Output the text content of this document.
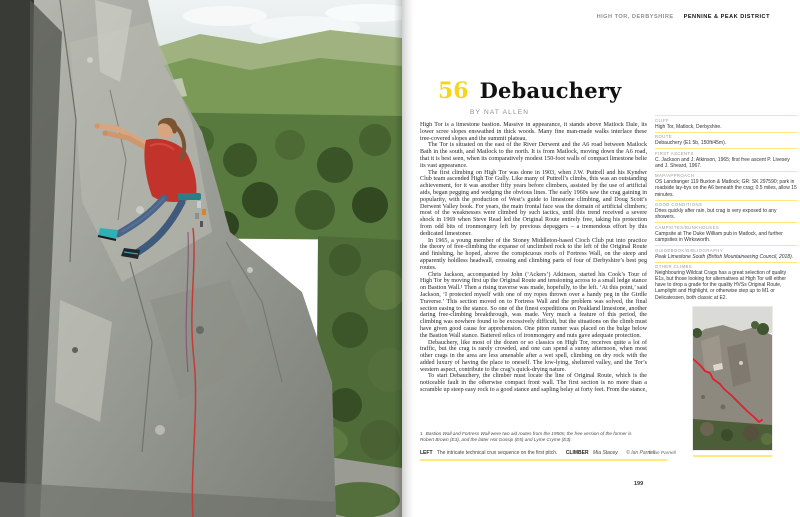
HIGH TOR, DERBYSHIRE PENNINE & PEAK DISTRICT
56 Debauchery
BY NAT ALLEN

High Tor is a limestone bastion. Massive in appearance, it stands above Matlock Dale, its lower scree slopes enswathed in thick woods. Many fine man-made walks interlace these tree-covered slopes and the summit plateau.

The Tor is situated on the east of the River Derwent and the A6 road between Matlock Bath in the south, and Matlock to the north. It is from Matlock, moving down the A6 road, that it is best seen, when its comparatively modest 150-foot walls of compact limestone belie its vast appearance.

The first climbing on High Tor was done in 1903, when J.W. Puttrell and his Kyndwr Club team ascended High Tor Gully. Like many of Puttrell’s climbs, this was an outstanding achievement, for it was another fifty years before climbers, assisted by the use of artificial aids, began pegging and wedging the obvious lines. The early 1960s saw the crag gaining in popularity, with the production of West’s guide to limestone climbing, and Doug Scott’s Derwent Valley book. For years, the main frontal face was the domain of artificial climbers; most of the weaknesses were climbed by such tactics, until this trend received a severe shock in 1969 when Steve Read led the Original Route entirely free, taking his protection from odd bits of ironmongery left by previous depeggers – a tremendous effort by this dedicated limestoner.

In 1965, a young member of the Stoney Middleton-based Cioch Club put into practice the theory of free-climbing the expanse of unclimbed rock to the left of the Original Route and finishing, he hoped, above the conspicuous roofs of Fortress Wall, on the steep and apparently holdless headwall, crossing and climbing parts of four of Derbyshire’s best peg routes.

Chris Jackson, accompanied by John (‘Ackers’) Atkinson, started his Cook’s Tour of High Tor by moving first up the Original Route and tensioning across to a small ledge stance on Bastion Wall.¹ Then a rising traverse was made, hopefully, to the left. ‘At this point,’ said Jackson, ‘I protected myself with one of my ropes thrown over a handy peg in the Girdle Traverse.’ This section moved on to Fortress Wall and the problem was solved, the final section easing to the stance. So one of the finest expeditions on Peakland limestone, another daring free-climbing breakthrough, was made. Very much a feature of this period, the climbing was nowhere found to be excessively difficult, but the situations on the climb must have given good cause for apprehension. One piton runner was placed on the bulge below the Bastion Wall stance. Battered relics of ironmongery and nuts gave adequate protection.

Debauchery, like most of the dozen or so classics on High Tor, receives quite a lot of traffic, but the crag is rarely crowded, and one can spend a sunny afternoon, when most other crags in the area are less amenable after a wet spell, climbing on dry rock with the added luxury of having the place to oneself. The low-lying, sheltered valley, and the Tor’s western aspect, contribute to the crag’s quick-drying nature.

To start Debauchery, the climber must locate the line of Original Route, which is the noticeable fault in the otherwise compact front wall. The first section is no more than a scramble up steep easy rock to a good stance and sapling belay at forty feet. From the stance,

1 Bastion Wall and Fortress Wall were two aid routes from the 1950s; the free version of the former is Robert Brown (E3), and the latter Hot Gossip (E5) and Lyme Cryme (E3).
LEFT The intricate technical crux sequence on the first pitch. CLIMBER Mia Stacey © Ian Parnell
CLIFF
High Tor, Matlock, Derbyshire.
ROUTE
Debauchery (E1 5b, 150ft/45m).
FIRST ASCENTS
C. Jackson and J. Atkinson, 1965; first free ascent P. Livesey and J. Sheard, 1967.
MAP/APPROACH
OS Landranger 119 Buxton & Matlock; GR: SK 297590; park in roadside lay-bys on the A6 beneath the crag; 0.5 miles, allow 15 minutes.
GOOD CONDITIONS
Dries quickly after rain, but crag is very exposed to any showers.
CAMPSITES/BUNKHOUSES
Campsite at The Duke William pub in Matlock, and further campsites in Wirksworth.
GUIDEBOOK/BIBLIOGRAPHY
Peak Limestone South (British Mountaineering Council, 2018).
OTHER CLIMBS
Neighbouring Wildcat Crags has a great selection of quality E1s, but those looking for alternatives at High Tor will either have to drop a grade for the quality HVSs Original Route, Lamplight and Highlight, or otherwise step up to M1 or Delicatessen, both classic at E2.
© Ian Parnell
199
